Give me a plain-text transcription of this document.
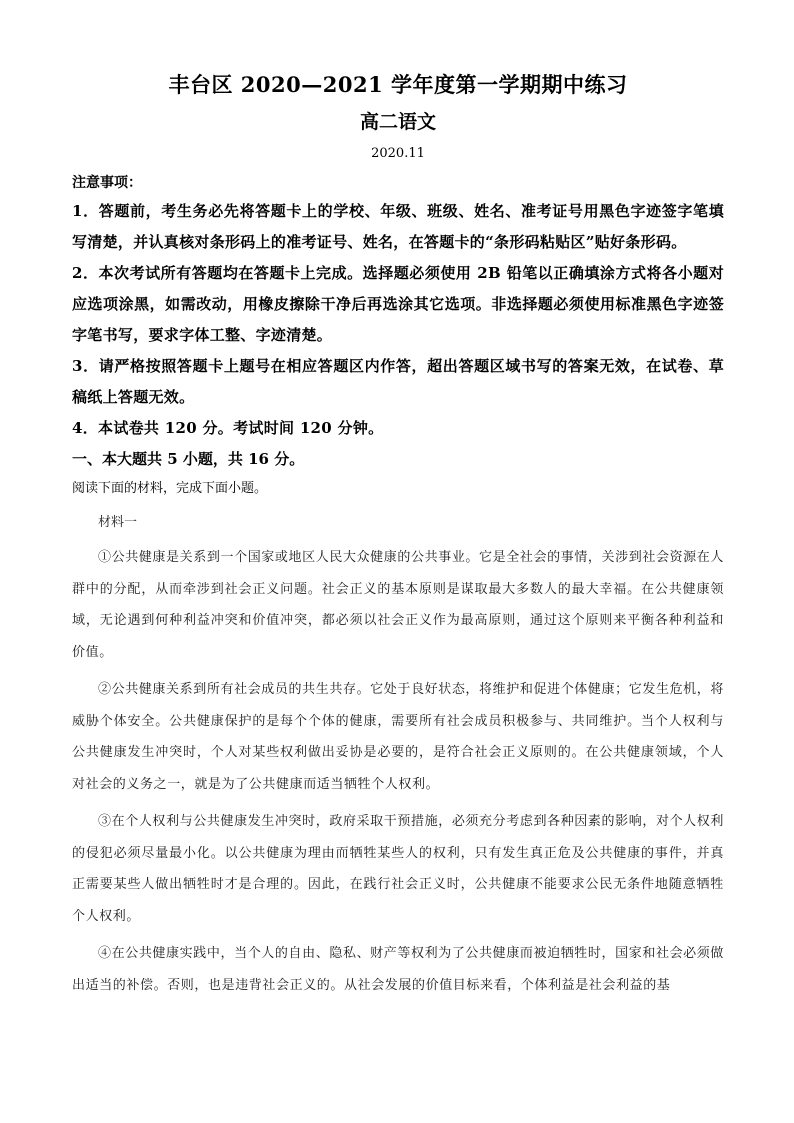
丰台区 2020—2021 学年度第一学期期中练习
高二语文
2020.11
注意事项：

1．答题前，考生务必先将答题卡上的学校、年级、班级、姓名、准考证号用黑色字迹签字笔填写清楚，并认真核对条形码上的准考证号、姓名，在答题卡的“条形码粘贴区”贴好条形码。

2．本次考试所有答题均在答题卡上完成。选择题必须使用 2B 铅笔以正确填涂方式将各小题对应选项涂黑，如需改动，用橡皮擦除干净后再选涂其它选项。非选择题必须使用标准黑色字迹签字笔书写，要求字体工整、字迹清楚。

3．请严格按照答题卡上题号在相应答题区内作答，超出答题区域书写的答案无效，在试卷、草稿纸上答题无效。

4．本试卷共 120 分。考试时间 120 分钟。

一、本大题共 5 小题，共 16 分。
阅读下面的材料，完成下面小题。
材料一

①公共健康是关系到一个国家或地区人民大众健康的公共事业。它是全社会的事情，关涉到社会资源在人群中的分配，从而牵涉到社会正义问题。社会正义的基本原则是谋取最大多数人的最大幸福。在公共健康领域，无论遇到何种利益冲突和价值冲突，都必须以社会正义作为最高原则，通过这个原则来平衡各种利益和价值。

②公共健康关系到所有社会成员的共生共存。它处于良好状态，将维护和促进个体健康；它发生危机，将威胁个体安全。公共健康保护的是每个个体的健康，需要所有社会成员积极参与、共同维护。当个人权利与公共健康发生冲突时，个人对某些权利做出妥协是必要的，是符合社会正义原则的。在公共健康领域，个人对社会的义务之一，就是为了公共健康而适当牺牲个人权利。

③在个人权利与公共健康发生冲突时，政府采取干预措施，必须充分考虑到各种因素的影响，对个人权利的侵犯必须尽量最小化。以公共健康为理由而牺牲某些人的权利，只有发生真正危及公共健康的事件，并真正需要某些人做出牺牲时才是合理的。因此，在践行社会正义时，公共健康不能要求公民无条件地随意牺牲个人权利。

④在公共健康实践中，当个人的自由、隐私、财产等权利为了公共健康而被迫牺牲时，国家和社会必须做出适当的补偿。否则，也是违背社会正义的。从社会发展的价值目标来看，个体利益是社会利益的基
